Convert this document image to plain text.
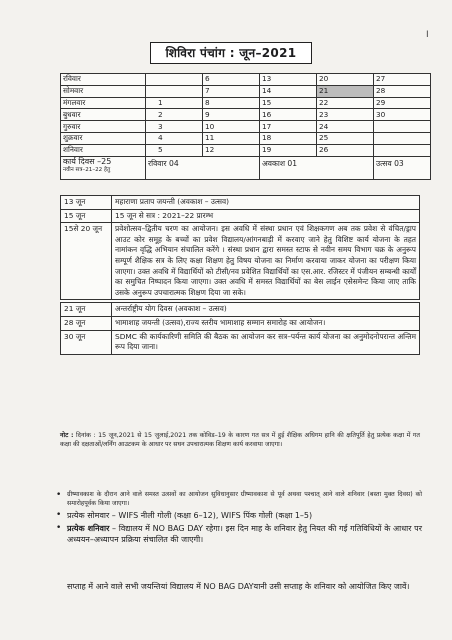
I
शिविरा पंचांग : जून–2021
रविवार		6	13	20	27
सोमवार		7	14	21	28
मंगलवार	1	8	15	22	29
बुधवार	2	9	16	23	30
गुरुवार	3	10	17	24	
शुक्रवार	4	11	18	25	
शनिवार	5	12	19	26	
कार्य दिवस –25
नवीन सत्र–21–22 हेतु	रविवार 04		अवकाश 01		उत्सव 03
13 जून	महाराणा प्रताप जयन्ती (अवकाश – उत्सव)
15 जून	15 जून से सत्र : 2021–22 प्रारम्भ
15से 20 जून	प्रवेशोत्सव–द्वितीय चरण का आयोजन। इस अवधि में संस्था प्रधान एवं शिक्षकगण अब तक प्रवेश से वंचित/ड्राप आउट कोर समूह के बच्चों का प्रवेश विद्यालय/आंगनबाड़ी में करवाए जाने हेतु विशिष्ट कार्य योजना के तहत नामांकन वृद्धि अभियान संचालित करेंगे । संस्था प्रधान द्वारा समस्त स्टाफ से नवीन समय विभाग चक्र के अनुरूप सम्पूर्ण शैक्षिक सत्र के लिए कक्षा शिक्षण हेतु विषय योजना का निर्माण करवाया जाकर योजना का परीक्षण किया जाएगा। उक्त अवधि में विद्यार्थियों को टीसी/नव प्रवेशित विद्यार्थियों का एस.आर. रजिस्टर में पंजीयन सम्बन्धी कार्यों का समुचित निष्पादन किया जाएगा। उक्त अवधि में समस्त विद्यार्थियों का बेस लाईन एसेसमेन्ट किया जाए ताकि उसके अनुरूप उपचारात्मक शिक्षण दिया जा सके।

21 जून	अन्तर्राष्ट्रीय योग दिवस (अवकाश – उत्सव)
28 जून	भामाशाह जयन्ती (उत्सव),राज्य स्तरीय भामाशाह सम्मान समारोह का आयोजन।
30 जून	SDMC की कार्यकारिणी समिति की बैठक का आयोजन कर सत्र–पर्यन्त कार्य योजना का अनुमोदनोपरान्त अन्तिम रूप दिया जाना।
नोट : दिनांक : 15 जून,2021 से 15 जुलाई,2021 तक कोविड–19 के कारण गत सत्र में हुई शैक्षिक अधिगम हानि की क्षतिपूर्ति हेतु प्रत्येक कक्षा में गत कक्षा की दक्षताओं/लर्निंग आउटकम के आधार पर सघन उपचारात्मक शिक्षण कार्य करवाया जाएगा।
• ग्रीष्मावकाश के दौरान आने वाले समस्त उत्सवों का आयोजन सुविधानुसार ग्रीष्मावकाश से पूर्व अथवा पश्चात् आने वाले शनिवार (बस्ता मुक्त दिवस) को समारोहपूर्वक किया जाएगा।
• प्रत्येक सोमवार – WIFS नीली गोली (कक्षा 6–12), WIFS पिंक गोली (कक्षा 1–5)
• प्रत्येक शनिवार – विद्यालय में NO BAG DAY रहेगा। इस दिन माह के शनिवार हेतु नियत की गई गतिविधियों के आधार पर अध्ययन–अध्यापन प्रक्रिया संचालित की जाएगी।
सप्ताह में आने वाले सभी जयन्तियां विद्यालय में NO BAG DAYयानी उसी सप्ताह के शनिवार को आयोजित किए जावें।
